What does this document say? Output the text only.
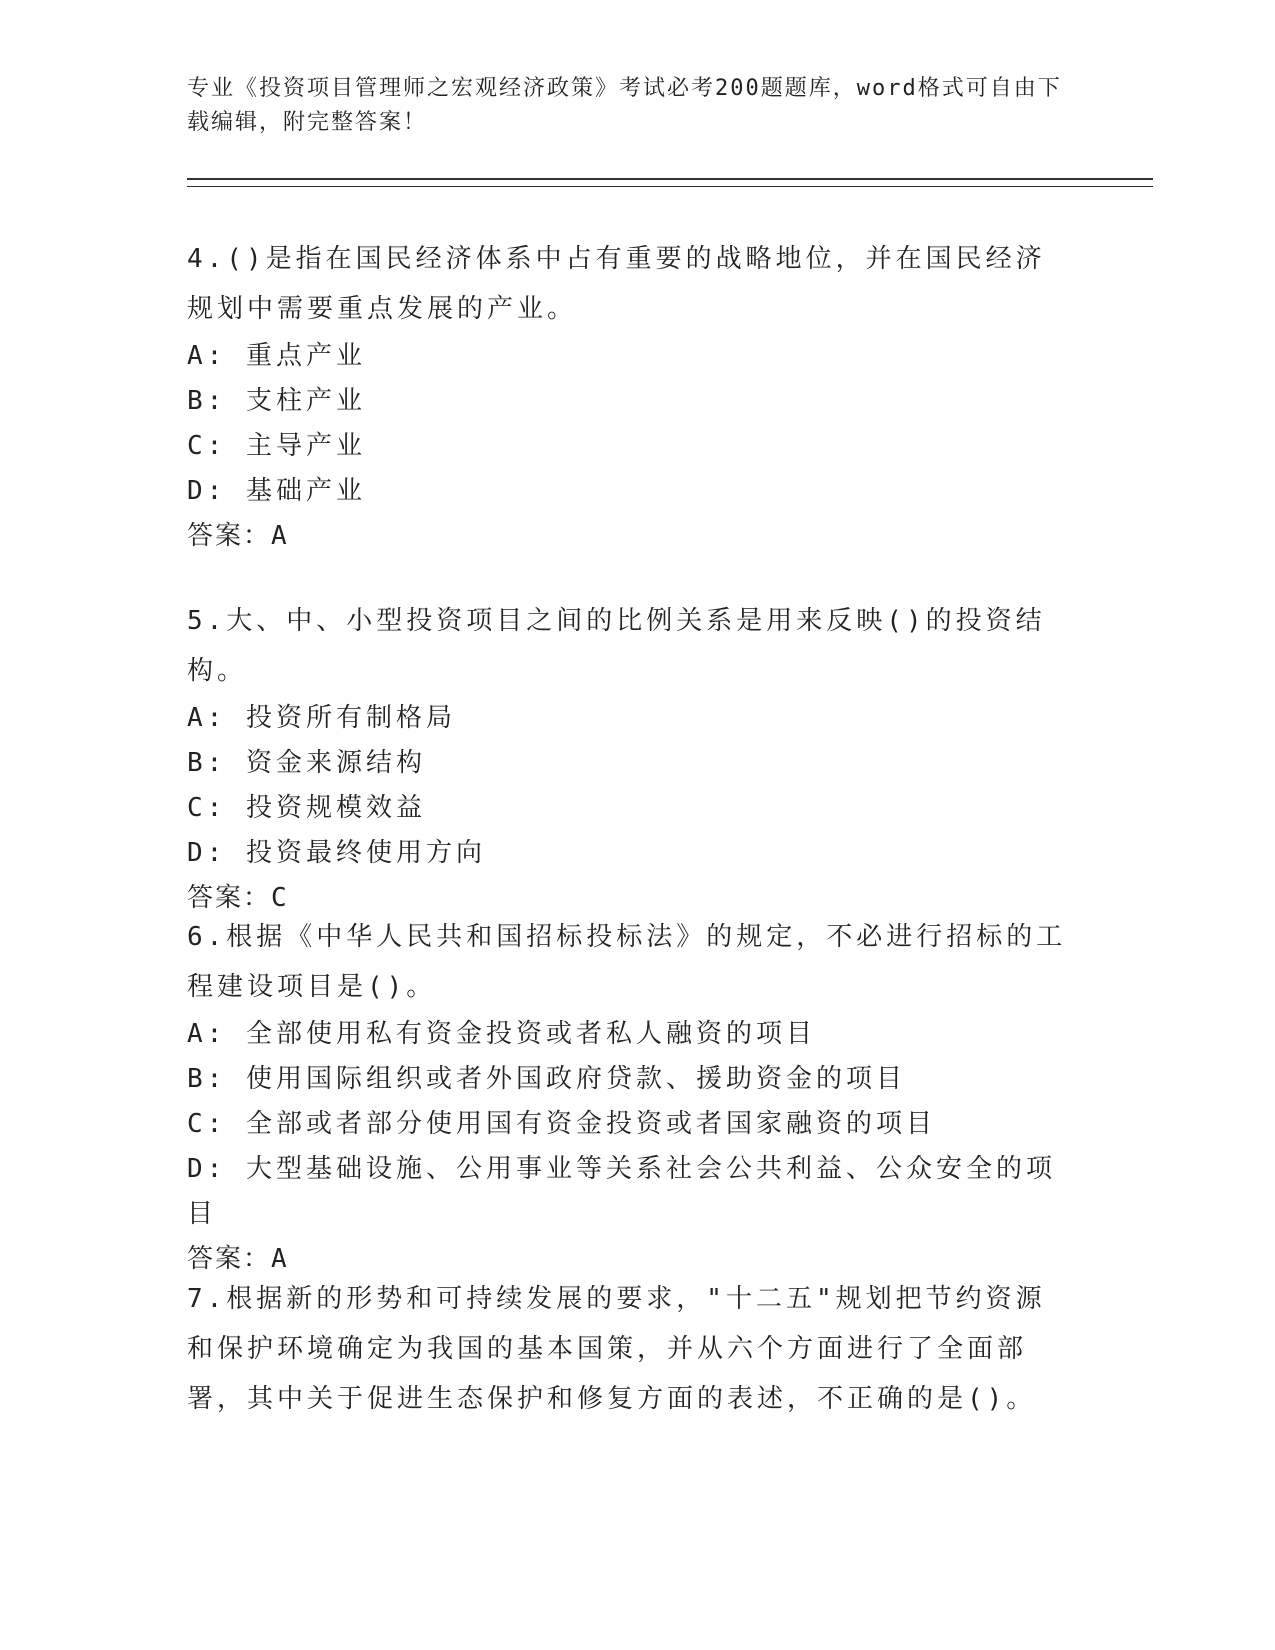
专业《投资项目管理师之宏观经济政策》考试必考200题题库，word格式可自由下载编辑，附完整答案！
4.()是指在国民经济体系中占有重要的战略地位，并在国民经济规划中需要重点发展的产业。
A: 重点产业
B: 支柱产业
C: 主导产业
D: 基础产业
答案：A
5.大、中、小型投资项目之间的比例关系是用来反映()的投资结构。
A: 投资所有制格局
B: 资金来源结构
C: 投资规模效益
D: 投资最终使用方向
答案：C
6.根据《中华人民共和国招标投标法》的规定，不必进行招标的工程建设项目是()。
A: 全部使用私有资金投资或者私人融资的项目
B: 使用国际组织或者外国政府贷款、援助资金的项目
C: 全部或者部分使用国有资金投资或者国家融资的项目
D: 大型基础设施、公用事业等关系社会公共利益、公众安全的项目
答案：A
7.根据新的形势和可持续发展的要求，"十二五"规划把节约资源和保护环境确定为我国的基本国策，并从六个方面进行了全面部署，其中关于促进生态保护和修复方面的表述，不正确的是()。
